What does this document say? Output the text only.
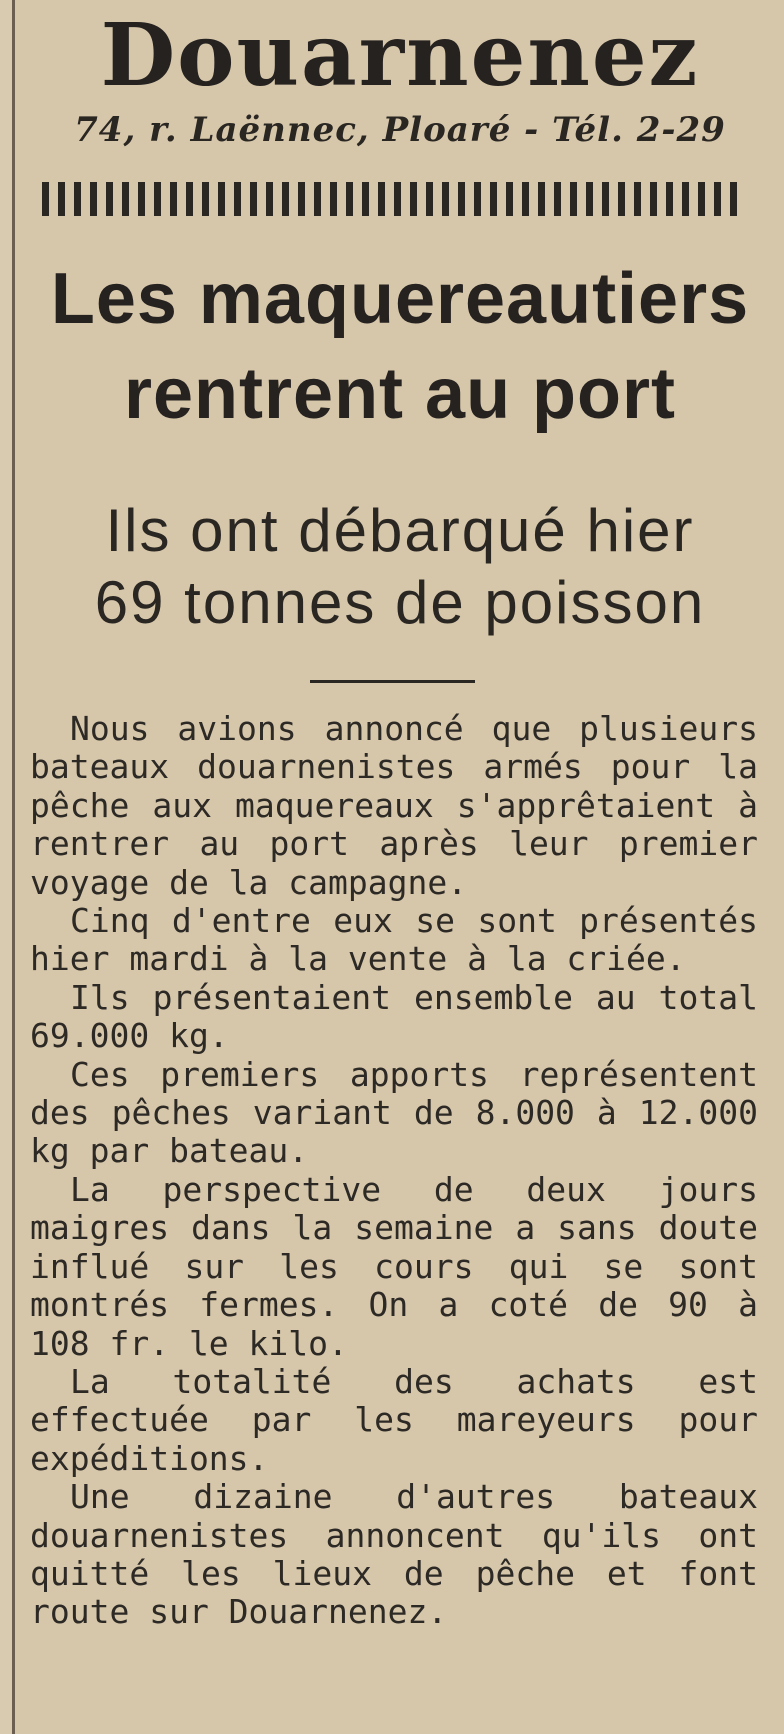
Douarnenez
74, r. Laënnec, Ploaré - Tél. 2-29
Les maquereautiers
rentrent au port
Ils ont débarqué hier
69 tonnes de poisson

Nous avions annoncé que plusieurs bateaux douarnenistes armés pour la pêche aux maquereaux s'apprêtaient à rentrer au port après leur premier voyage de la campagne.

Cinq d'entre eux se sont présentés hier mardi à la vente à la criée.

Ils présentaient ensemble au total 69.000 kg.

Ces premiers apports représentent des pêches variant de 8.000 à 12.000 kg par bateau.

La perspective de deux jours maigres dans la semaine a sans doute influé sur les cours qui se sont montrés fermes. On a coté de 90 à 108 fr. le kilo.

La totalité des achats est effectuée par les mareyeurs pour expéditions.

Une dizaine d'autres bateaux douarnenistes annoncent qu'ils ont quitté les lieux de pêche et font route sur Douarnenez.
